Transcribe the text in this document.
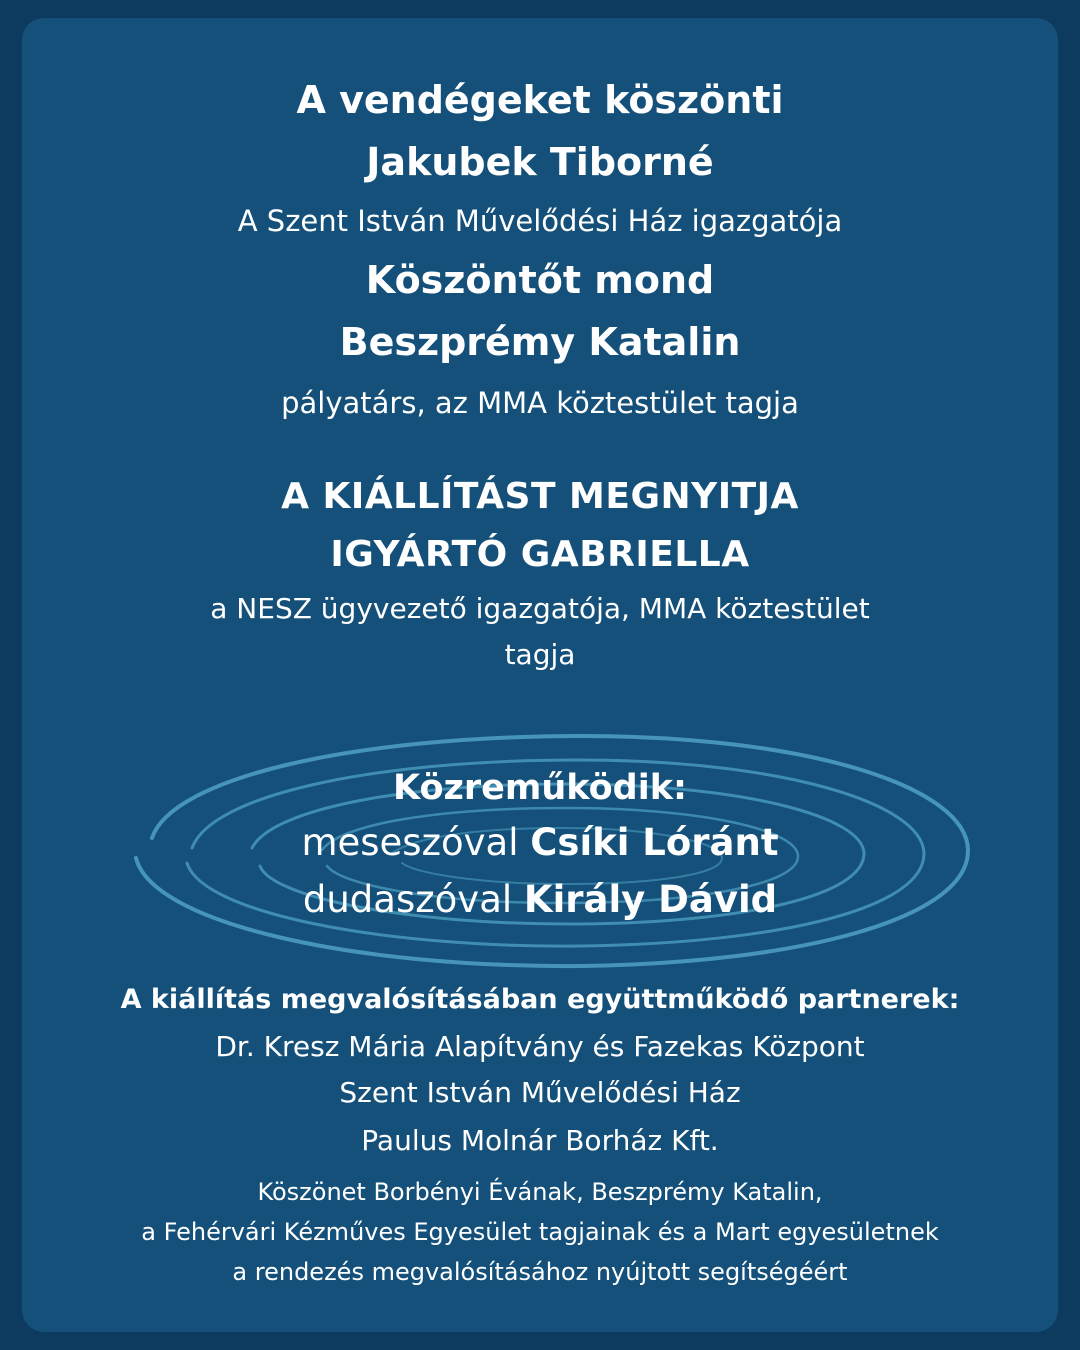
A vendégeket köszönti

Jakubek Tiborné

A Szent István Művelődési Ház igazgatója

Köszöntőt mond

Beszprémy Katalin

pályatárs, az MMA köztestület tagja

A KIÁLLÍTÁST MEGNYITJA

IGYÁRTÓ GABRIELLA

a NESZ ügyvezető igazgatója, MMA köztestület

tagja

Közreműködik:

meseszóval Csíki Lóránt

dudaszóval Király Dávid

A kiállítás megvalósításában együttműködő partnerek:

Dr. Kresz Mária Alapítvány és Fazekas Központ

Szent István Művelődési Ház

Paulus Molnár Borház Kft.

Köszönet Borbényi Évának, Beszprémy Katalin,

a Fehérvári Kézműves Egyesület tagjainak és a Mart egyesületnek

a rendezés megvalósításához nyújtott segítségéért
